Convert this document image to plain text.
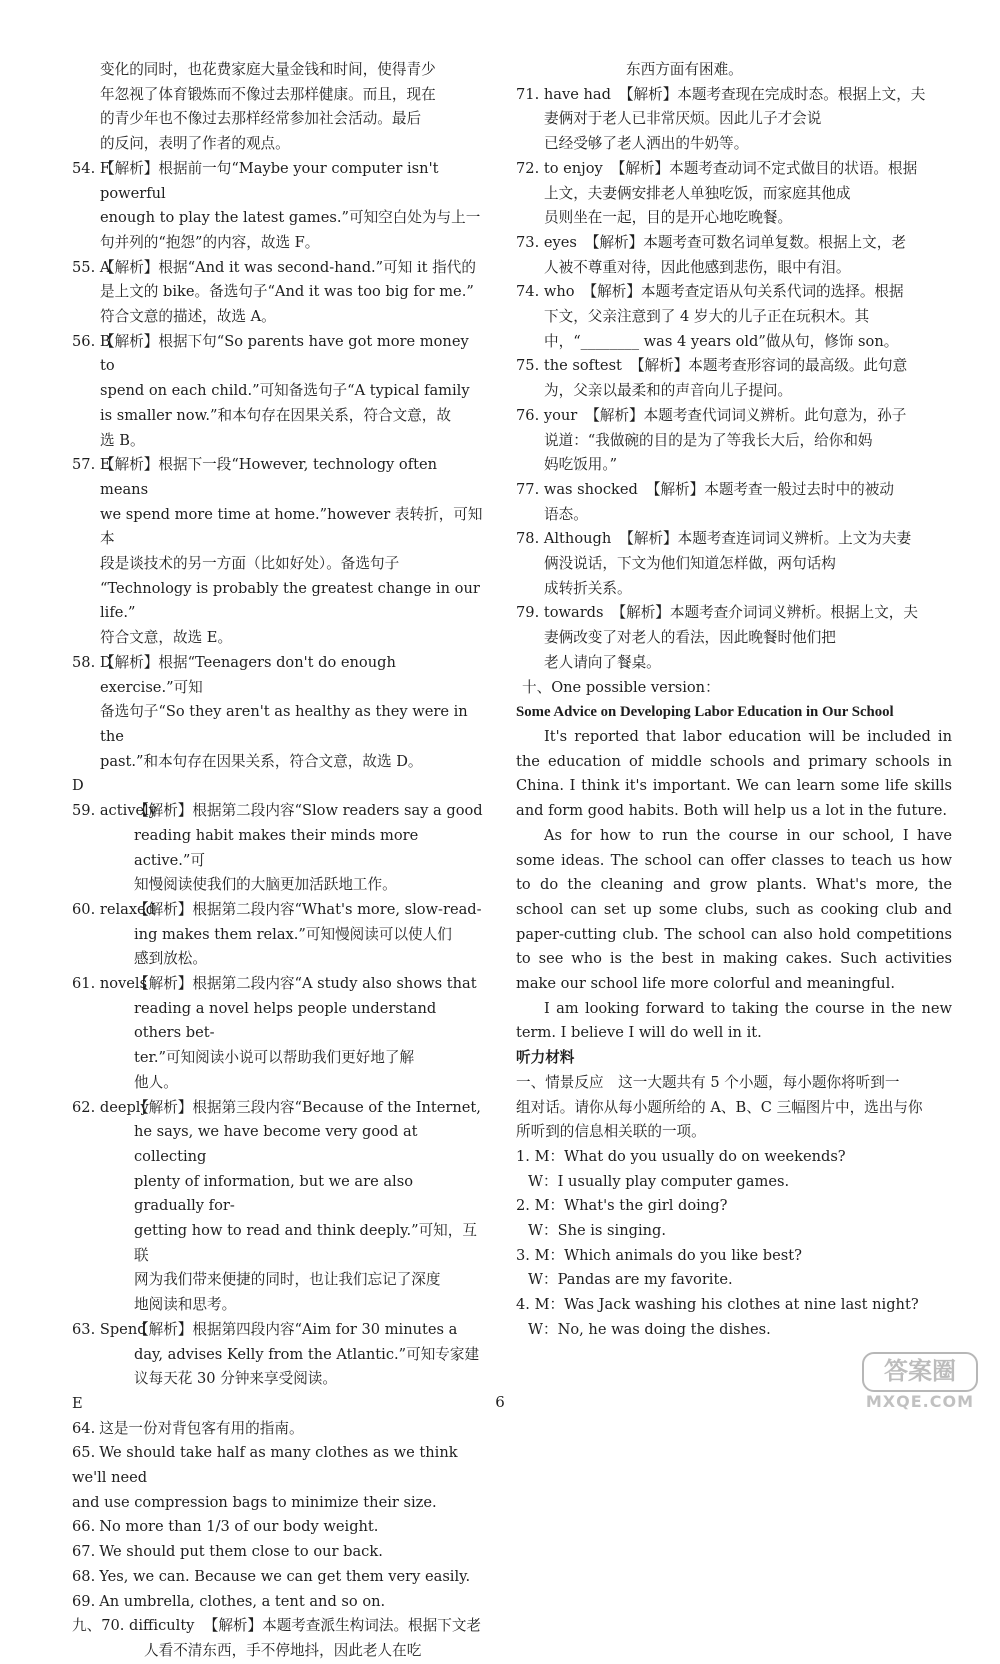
变化的同时，也花费家庭大量金钱和时间，使得青少
年忽视了体育锻炼而不像过去那样健康。而且，现在
的青少年也不像过去那样经常参加社会活动。最后
的反问，表明了作者的观点。
54. F
【解析】根据前一句“Maybe your computer isn't powerful
enough to play the latest games.”可知空白处为与上一
句并列的“抱怨”的内容，故选 F。
55. A
【解析】根据“And it was second-hand.”可知 it 指代的
是上文的 bike。备选句子“And it was too big for me.”
符合文意的描述，故选 A。
56. B
【解析】根据下句“So parents have got more money to
spend on each child.”可知备选句子“A typical family
is smaller now.”和本句存在因果关系，符合文意，故
选 B。
57. E
【解析】根据下一段“However, technology often means
we spend more time at home.”however 表转折，可知本
段是谈技术的另一方面（比如好处）。备选句子
“Technology is probably the greatest change in our life.”
符合文意，故选 E。
58. D
【解析】根据“Teenagers don't do enough exercise.”可知
备选句子“So they aren't as healthy as they were in the
past.”和本句存在因果关系，符合文意，故选 D。
D

59. actively
【解析】根据第二段内容“Slow readers say a good
reading habit makes their minds more active.”可
知慢阅读使我们的大脑更加活跃地工作。
60. relaxed
【解析】根据第二段内容“What's more, slow-read-
ing makes them relax.”可知慢阅读可以使人们
感到放松。
61. novels
【解析】根据第二段内容“A study also shows that
reading a novel helps people understand others bet-
ter.”可知阅读小说可以帮助我们更好地了解
他人。
62. deeply
【解析】根据第三段内容“Because of the Internet,
he says, we have become very good at collecting
plenty of information, but we are also gradually for-
getting how to read and think deeply.”可知，互联
网为我们带来便捷的同时，也让我们忘记了深度
地阅读和思考。
63. Spend
【解析】根据第四段内容“Aim for 30 minutes a
day, advises Kelly from the Atlantic.”可知专家建
议每天花 30 分钟来享受阅读。
E

64. 这是一份对背包客有用的指南。
65. We should take half as many clothes as we think we'll need
and use compression bags to minimize their size.
66. No more than 1/3 of our body weight.
67. We should put them close to our back.
68. Yes, we can. Because we can get them very easily.
69. An umbrella, clothes, a tent and so on.
九、70. difficulty 【解析】本题考查派生构词法。根据下文老
人看不清东西，手不停地抖，因此老人在吃
东西方面有困难。
71. have had 【解析】本题考查现在完成时态。根据上文，夫
妻俩对于老人已非常厌烦。因此儿子才会说
已经受够了老人洒出的牛奶等。
72. to enjoy 【解析】本题考查动词不定式做目的状语。根据
上文，夫妻俩安排老人单独吃饭，而家庭其他成
员则坐在一起，目的是开心地吃晚餐。
73. eyes 【解析】本题考查可数名词单复数。根据上文，老
人被不尊重对待，因此他感到悲伤，眼中有泪。
74. who 【解析】本题考查定语从句关系代词的选择。根据
下文，父亲注意到了 4 岁大的儿子正在玩积木。其
中，“________ was 4 years old”做从句，修饰 son。
75. the softest 【解析】本题考查形容词的最高级。此句意
为，父亲以最柔和的声音向儿子提问。
76. your 【解析】本题考查代词词义辨析。此句意为，孙子
说道：“我做碗的目的是为了等我长大后，给你和妈
妈吃饭用。”
77. was shocked 【解析】本题考查一般过去时中的被动
语态。
78. Although 【解析】本题考查连词词义辨析。上文为夫妻
俩没说话，下文为他们知道怎样做，两句话构
成转折关系。
79. towards 【解析】本题考查介词词义辨析。根据上文，夫
妻俩改变了对老人的看法，因此晚餐时他们把
老人请向了餐桌。
十、One possible version：
Some Advice on Developing Labor Education in Our School
It's reported that labor education will be included in the education of middle schools and primary schools in China. I think it's important. We can learn some life skills and form good habits. Both will help us a lot in the future.
As for how to run the course in our school, I have some ideas. The school can offer classes to teach us how to do the cleaning and grow plants. What's more, the school can set up some clubs, such as cooking club and paper-cutting club. The school can also hold competitions to see who is the best in making cakes. Such activities make our school life more colorful and meaningful.
I am looking forward to taking the course in the new term. I believe I will do well in it.
听力材料
一、情景反应　这一大题共有 5 个小题，每小题你将听到一
组对话。请你从每小题所给的 A、B、C 三幅图片中，选出与你
所听到的信息相关联的一项。
1. M：What do you usually do on weekends?
W：I usually play computer games.
2. M：What's the girl doing?
W：She is singing.
3. M：Which animals do you like best?
W：Pandas are my favorite.
4. M：Was Jack washing his clothes at nine last night?
W：No, he was doing the dishes.
6
答案圈
MXQE.COM
